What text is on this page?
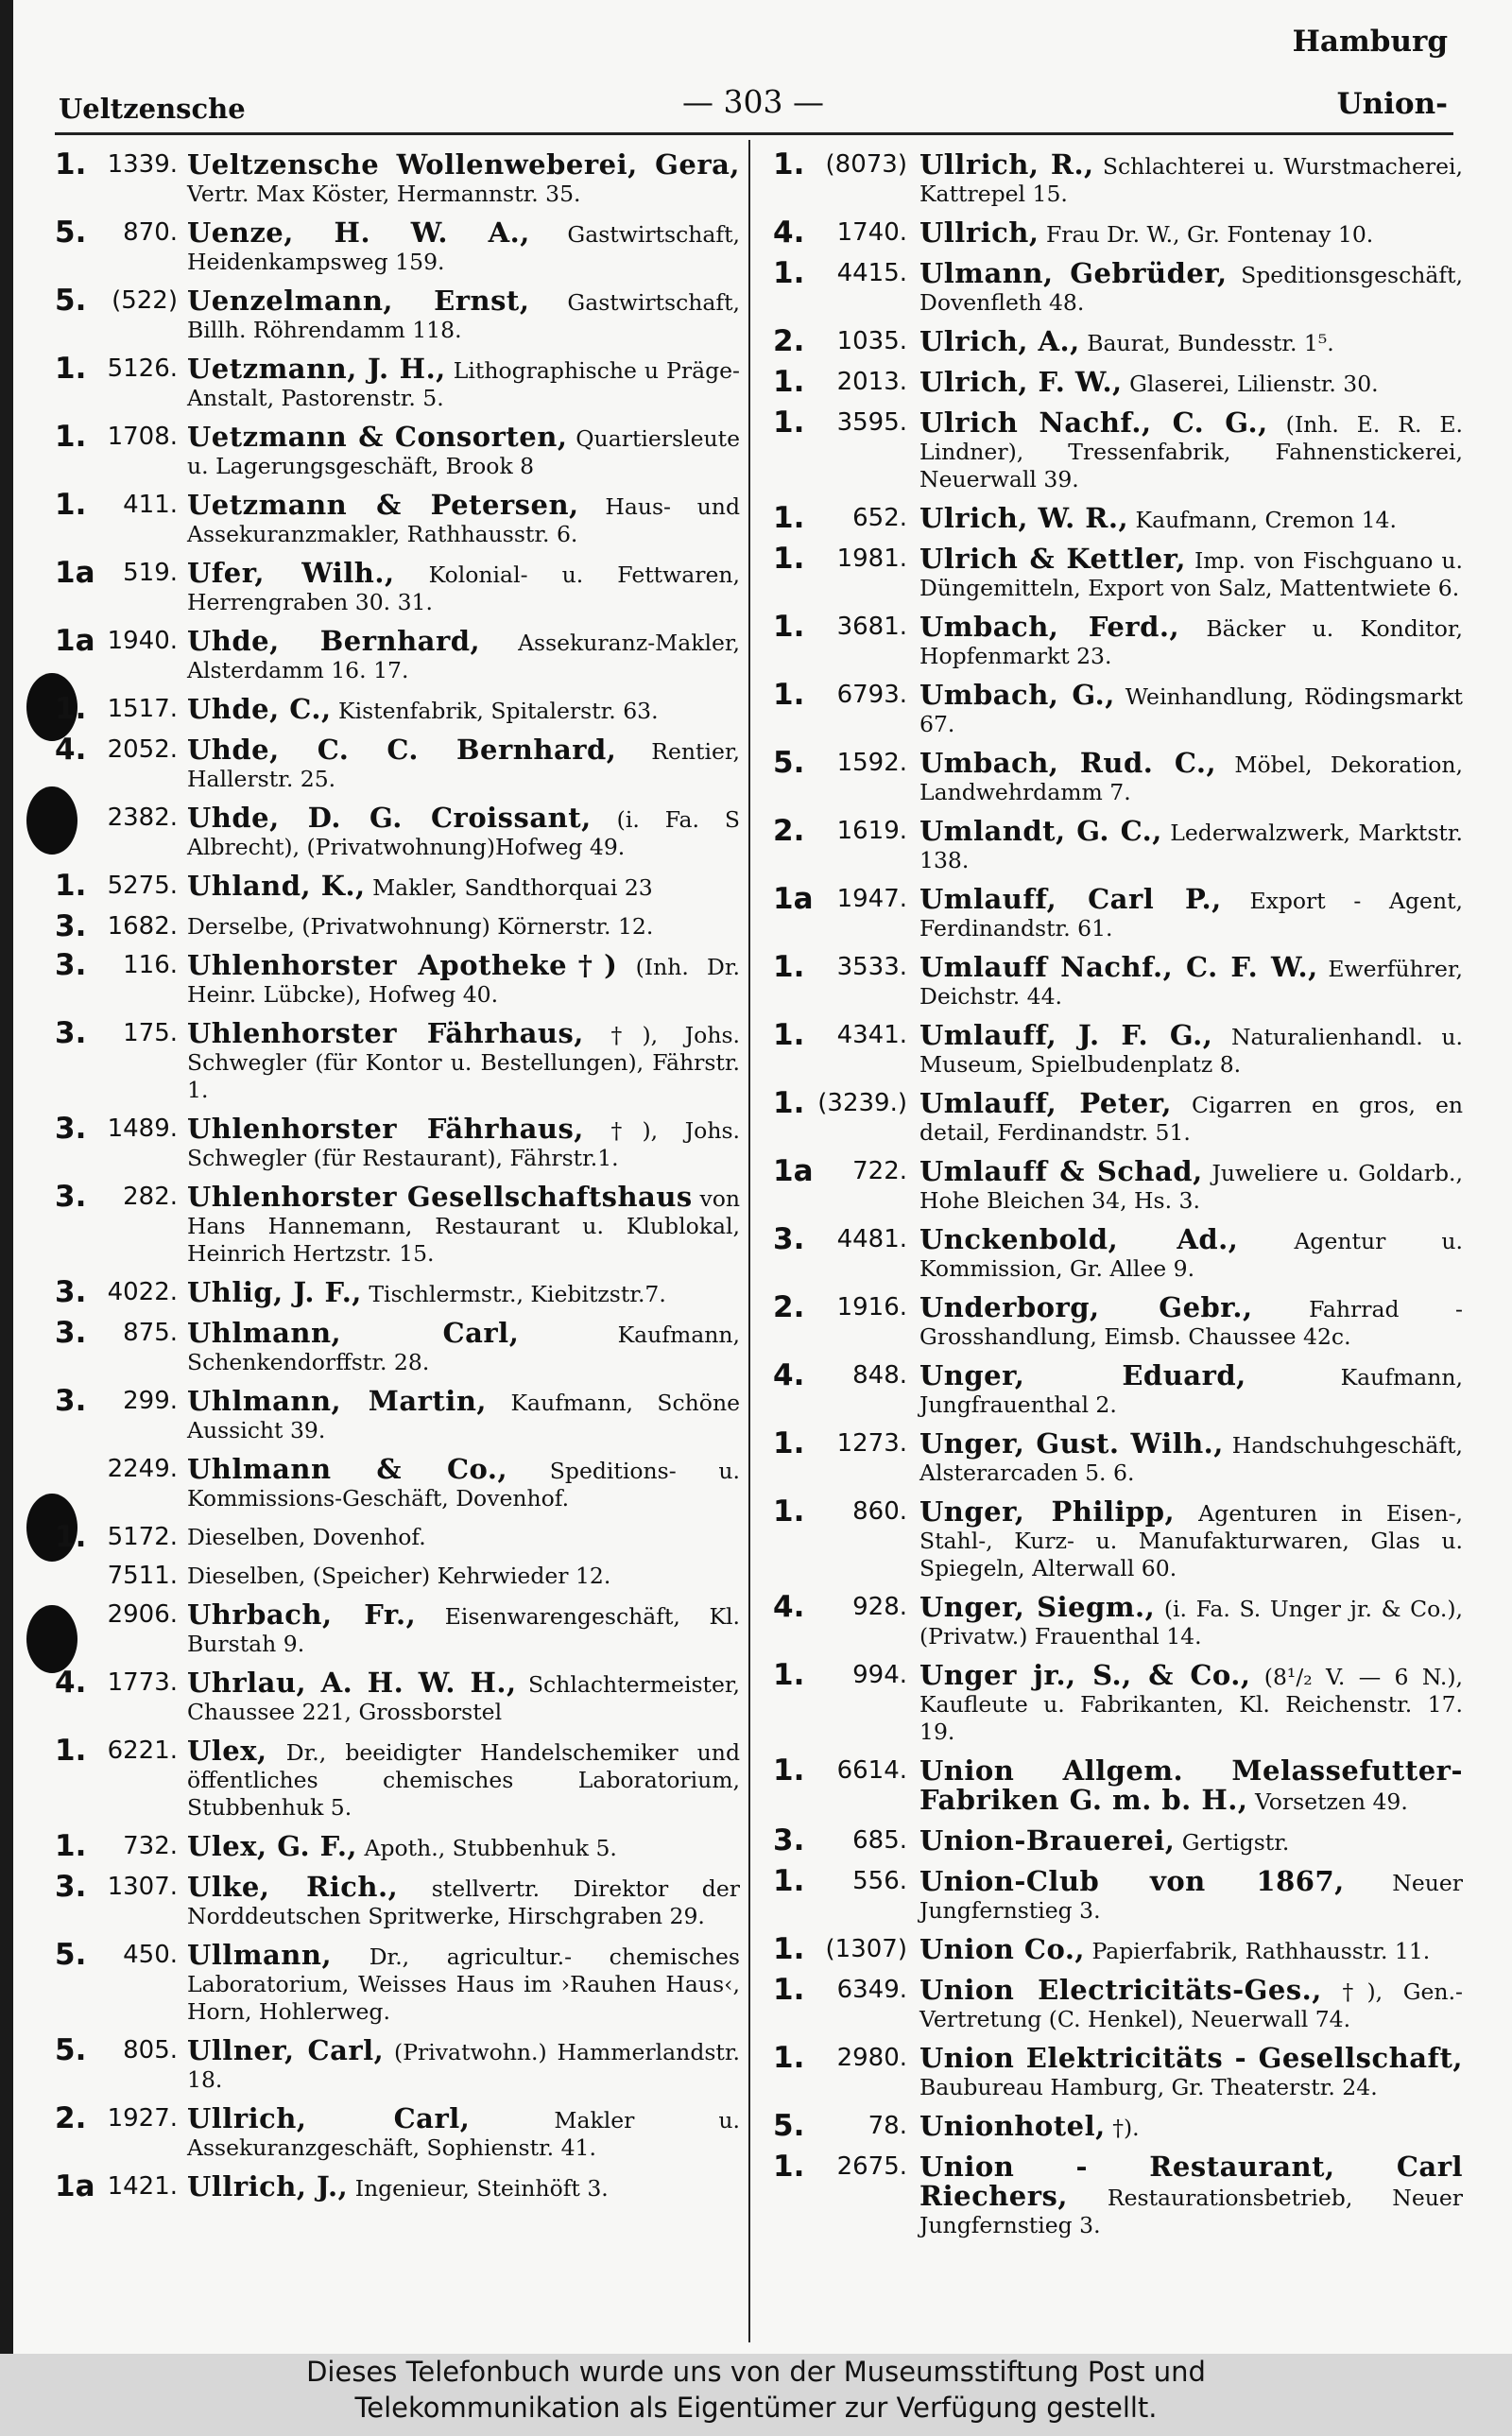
Ueltzensche	— 303 —
Hamburg
Union-
1. 1339. Ueltzensche Wollenweberei, Gera, Vertr. Max Köster, Hermannstr. 35.
5.	870. Uenze, H. W. A., Gastwirtschaft, Heidenkampsweg 159.
5.	(522) Uenzelmann, Ernst, Gastwirtschaft, Billh. Röhrendamm 118.
1. 5126. Uetzmann, J. H., Lithographische u Präge-Anstalt, Pastorenstr. 5.
1. 1708. Uetzmann & Consorten, Quartiersleute u. Lagerungsgeschäft, Brook 8
1.	411. Uetzmann & Petersen, Haus- und Assekuranzmakler, Rathhausstr. 6.
1a	519. Ufer, Wilh., Kolonial- u. Fettwaren, Herrengraben 30. 31.
1a 1940. Uhde, Bernhard, Assekuranz-Makler, Alsterdamm 16. 17.
1. 1517. Uhde, C., Kistenfabrik, Spitalerstr. 63.
4. 2052. Uhde, C. C. Bernhard, Rentier, Hallerstr. 25.
2382. Uhde, D. G. Croissant, (i. Fa. S Albrecht), (Privatwohnung)Hofweg 49.
1. 5275. Uhland, K., Makler, Sandthorquai 23
3. 1682. Derselbe, (Privatwohnung) Körnerstr. 12.
3.	116. Uhlenhorster Apotheke†) (Inh. Dr. Heinr. Lübcke), Hofweg 40.
3.	175. Uhlenhorster Fährhaus, †), Johs. Schwegler (für Kontor u. Bestellungen), Fährstr. 1.
3. 1489. Uhlenhorster Fährhaus, †), Johs. Schwegler (für Restaurant), Fährstr.1.
3.	282. Uhlenhorster Gesellschaftshaus von Hans Hannemann, Restaurant u. Klublokal, Heinrich Hertzstr. 15.
3. 4022. Uhlig, J. F., Tischlermstr., Kiebitzstr.7.
3.	875. Uhlmann, Carl, Kaufmann, Schenkendorffstr. 28.
3.	299. Uhlmann, Martin, Kaufmann, Schöne Aussicht 39.
2249. Uhlmann & Co., Speditions- u. Kommissions-Geschäft, Dovenhof.
1. 5172. Dieselben, Dovenhof.
7511. Dieselben, (Speicher) Kehrwieder 12.
2906. Uhrbach, Fr., Eisenwarengeschäft, Kl. Burstah 9.
4. 1773. Uhrlau, A. H. W. H., Schlachtermeister, Chaussee 221, Grossborstel
1. 6221. Ulex, Dr., beeidigter Handelschemiker und öffentliches chemisches Laboratorium, Stubbenhuk 5.
1.	732. Ulex, G. F., Apoth., Stubbenhuk 5.
3. 1307. Ulke, Rich., stellvertr. Direktor der Norddeutschen Spritwerke, Hirschgraben 29.
5.	450. Ullmann, Dr., agricultur.- chemisches Laboratorium, Weisses Haus im ›Rauhen Haus‹, Horn, Hohlerweg.
5.	805. Ullner, Carl, (Privatwohn.) Hammerlandstr. 18.
2. 1927. Ullrich, Carl, Makler u. Assekuranzgeschäft, Sophienstr. 41.
1a 1421. Ullrich, J., Ingenieur, Steinhöft 3.
1. (8073) Ullrich, R., Schlachterei u. Wurstmacherei, Kattrepel 15.
4.	1740. Ullrich, Frau Dr. W., Gr. Fontenay 10.
1.	4415. Ulmann, Gebrüder, Speditionsgeschäft, Dovenfleth 48.
2.	1035. Ulrich, A., Baurat, Bundesstr. 1⁵.
1.	2013. Ulrich, F. W., Glaserei, Lilienstr. 30.
1.	3595. Ulrich Nachf., C. G., (Inh. E. R. E. Lindner), Tressenfabrik, Fahnenstickerei, Neuerwall 39.
1.	652. Ulrich, W. R., Kaufmann, Cremon 14.
1.	1981. Ulrich & Kettler, Imp. von Fischguano u. Düngemitteln, Export von Salz, Mattentwiete 6.
1.	3681. Umbach, Ferd., Bäcker u. Konditor, Hopfenmarkt 23.
1.	6793. Umbach, G., Weinhandlung, Rödingsmarkt 67.
5.	1592. Umbach, Rud. C., Möbel, Dekoration, Landwehrdamm 7.
2.	1619. Umlandt, G. C., Lederwalzwerk, Marktstr. 138.
1a 1947. Umlauff, Carl P., Export - Agent, Ferdinandstr. 61.
1.	3533. Umlauff Nachf., C. F. W., Ewerführer, Deichstr. 44.
1.	4341. Umlauff, J. F. G., Naturalienhandl. u. Museum, Spielbudenplatz 8.
1. (3239.) Umlauff, Peter, Cigarren en gros, en detail, Ferdinandstr. 51.
1a	722. Umlauff & Schad, Juweliere u. Goldarb., Hohe Bleichen 34, Hs. 3.
3.	4481. Unckenbold, Ad., Agentur u. Kommission, Gr. Allee 9.
2.	1916. Underborg, Gebr., Fahrrad - Grosshandlung, Eimsb. Chaussee 42c.
4.	848. Unger, Eduard, Kaufmann, Jungfrauenthal 2.
1.	1273. Unger, Gust. Wilh., Handschuhgeschäft, Alsterarcaden 5. 6.
1.	860. Unger, Philipp, Agenturen in Eisen-, Stahl-, Kurz- u. Manufakturwaren, Glas u. Spiegeln, Alterwall 60.
4.	928. Unger, Siegm., (i. Fa. S. Unger jr. & Co.), (Privatw.) Frauenthal 14.
1.	994. Unger jr., S., & Co., (8¹/₂ V. — 6 N.), Kaufleute u. Fabrikanten, Kl. Reichenstr. 17. 19.
1.	6614. Union Allgem. Melassefutter-Fabriken G. m. b. H., Vorsetzen 49.
3.	685. Union-Brauerei, Gertigstr.
1.	556. Union-Club von 1867, Neuer Jungfernstieg 3.
1. (1307) Union Co., Papierfabrik, Rathhausstr. 11.
1.	6349. Union Electricitäts-Ges., †), Gen.-Vertretung (C. Henkel), Neuerwall 74.
1.	2980. Union Elektricitäts - Gesellschaft, Baubureau Hamburg, Gr. Theaterstr. 24.
5.	78. Unionhotel, †).
1.	2675. Union - Restaurant, Carl Riechers, Restaurationsbetrieb, Neuer Jungfernstieg 3.
Dieses Telefonbuch wurde uns von der Museumsstiftung Post und
Telekommunikation als Eigentümer zur Verfügung gestellt.
